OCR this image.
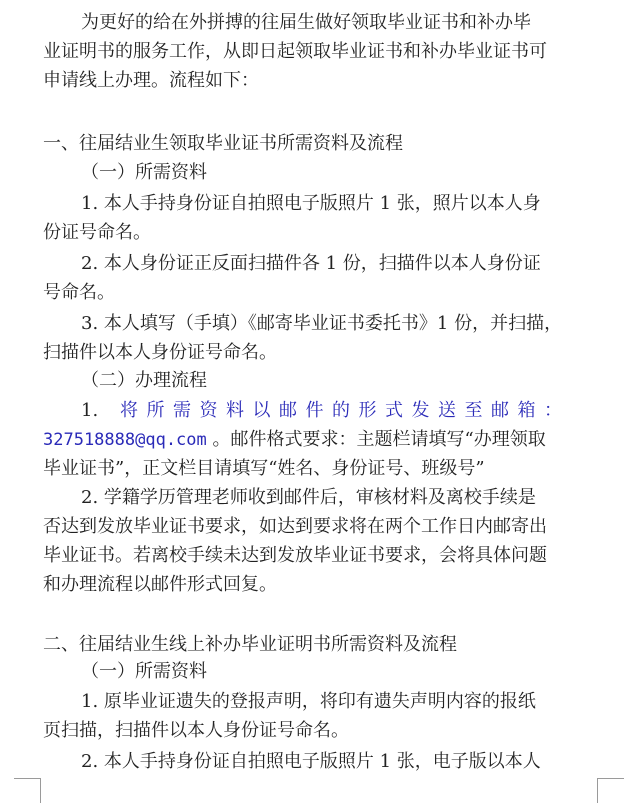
为更好的给在外拼搏的往届生做好领取毕业证书和补办毕
业证明书的服务工作，从即日起领取毕业证书和补办毕业证书可
申请线上办理。流程如下：
一、往届结业生领取毕业证书所需资料及流程
（一）所需资料
1. 本人手持身份证自拍照电子版照片 1 张，照片以本人身
份证号命名。
2. 本人身份证正反面扫描件各 1 份，扫描件以本人身份证
号命名。
3. 本人填写（手填）《邮寄毕业证书委托书》1 份，并扫描，
扫描件以本人身份证号命名。
（二）办理流程
1. 将所需资料以邮件的形式发送至邮箱：
327518888@qq.com 。邮件格式要求：主题栏请填写“办理领取
毕业证书”，正文栏目请填写“姓名、身份证号、班级号”
2. 学籍学历管理老师收到邮件后，审核材料及离校手续是
否达到发放毕业证书要求，如达到要求将在两个工作日内邮寄出
毕业证书。若离校手续未达到发放毕业证书要求，会将具体问题
和办理流程以邮件形式回复。
二、往届结业生线上补办毕业证明书所需资料及流程
（一）所需资料
1. 原毕业证遗失的登报声明，将印有遗失声明内容的报纸
页扫描，扫描件以本人身份证号命名。
2. 本人手持身份证自拍照电子版照片 1 张，电子版以本人
